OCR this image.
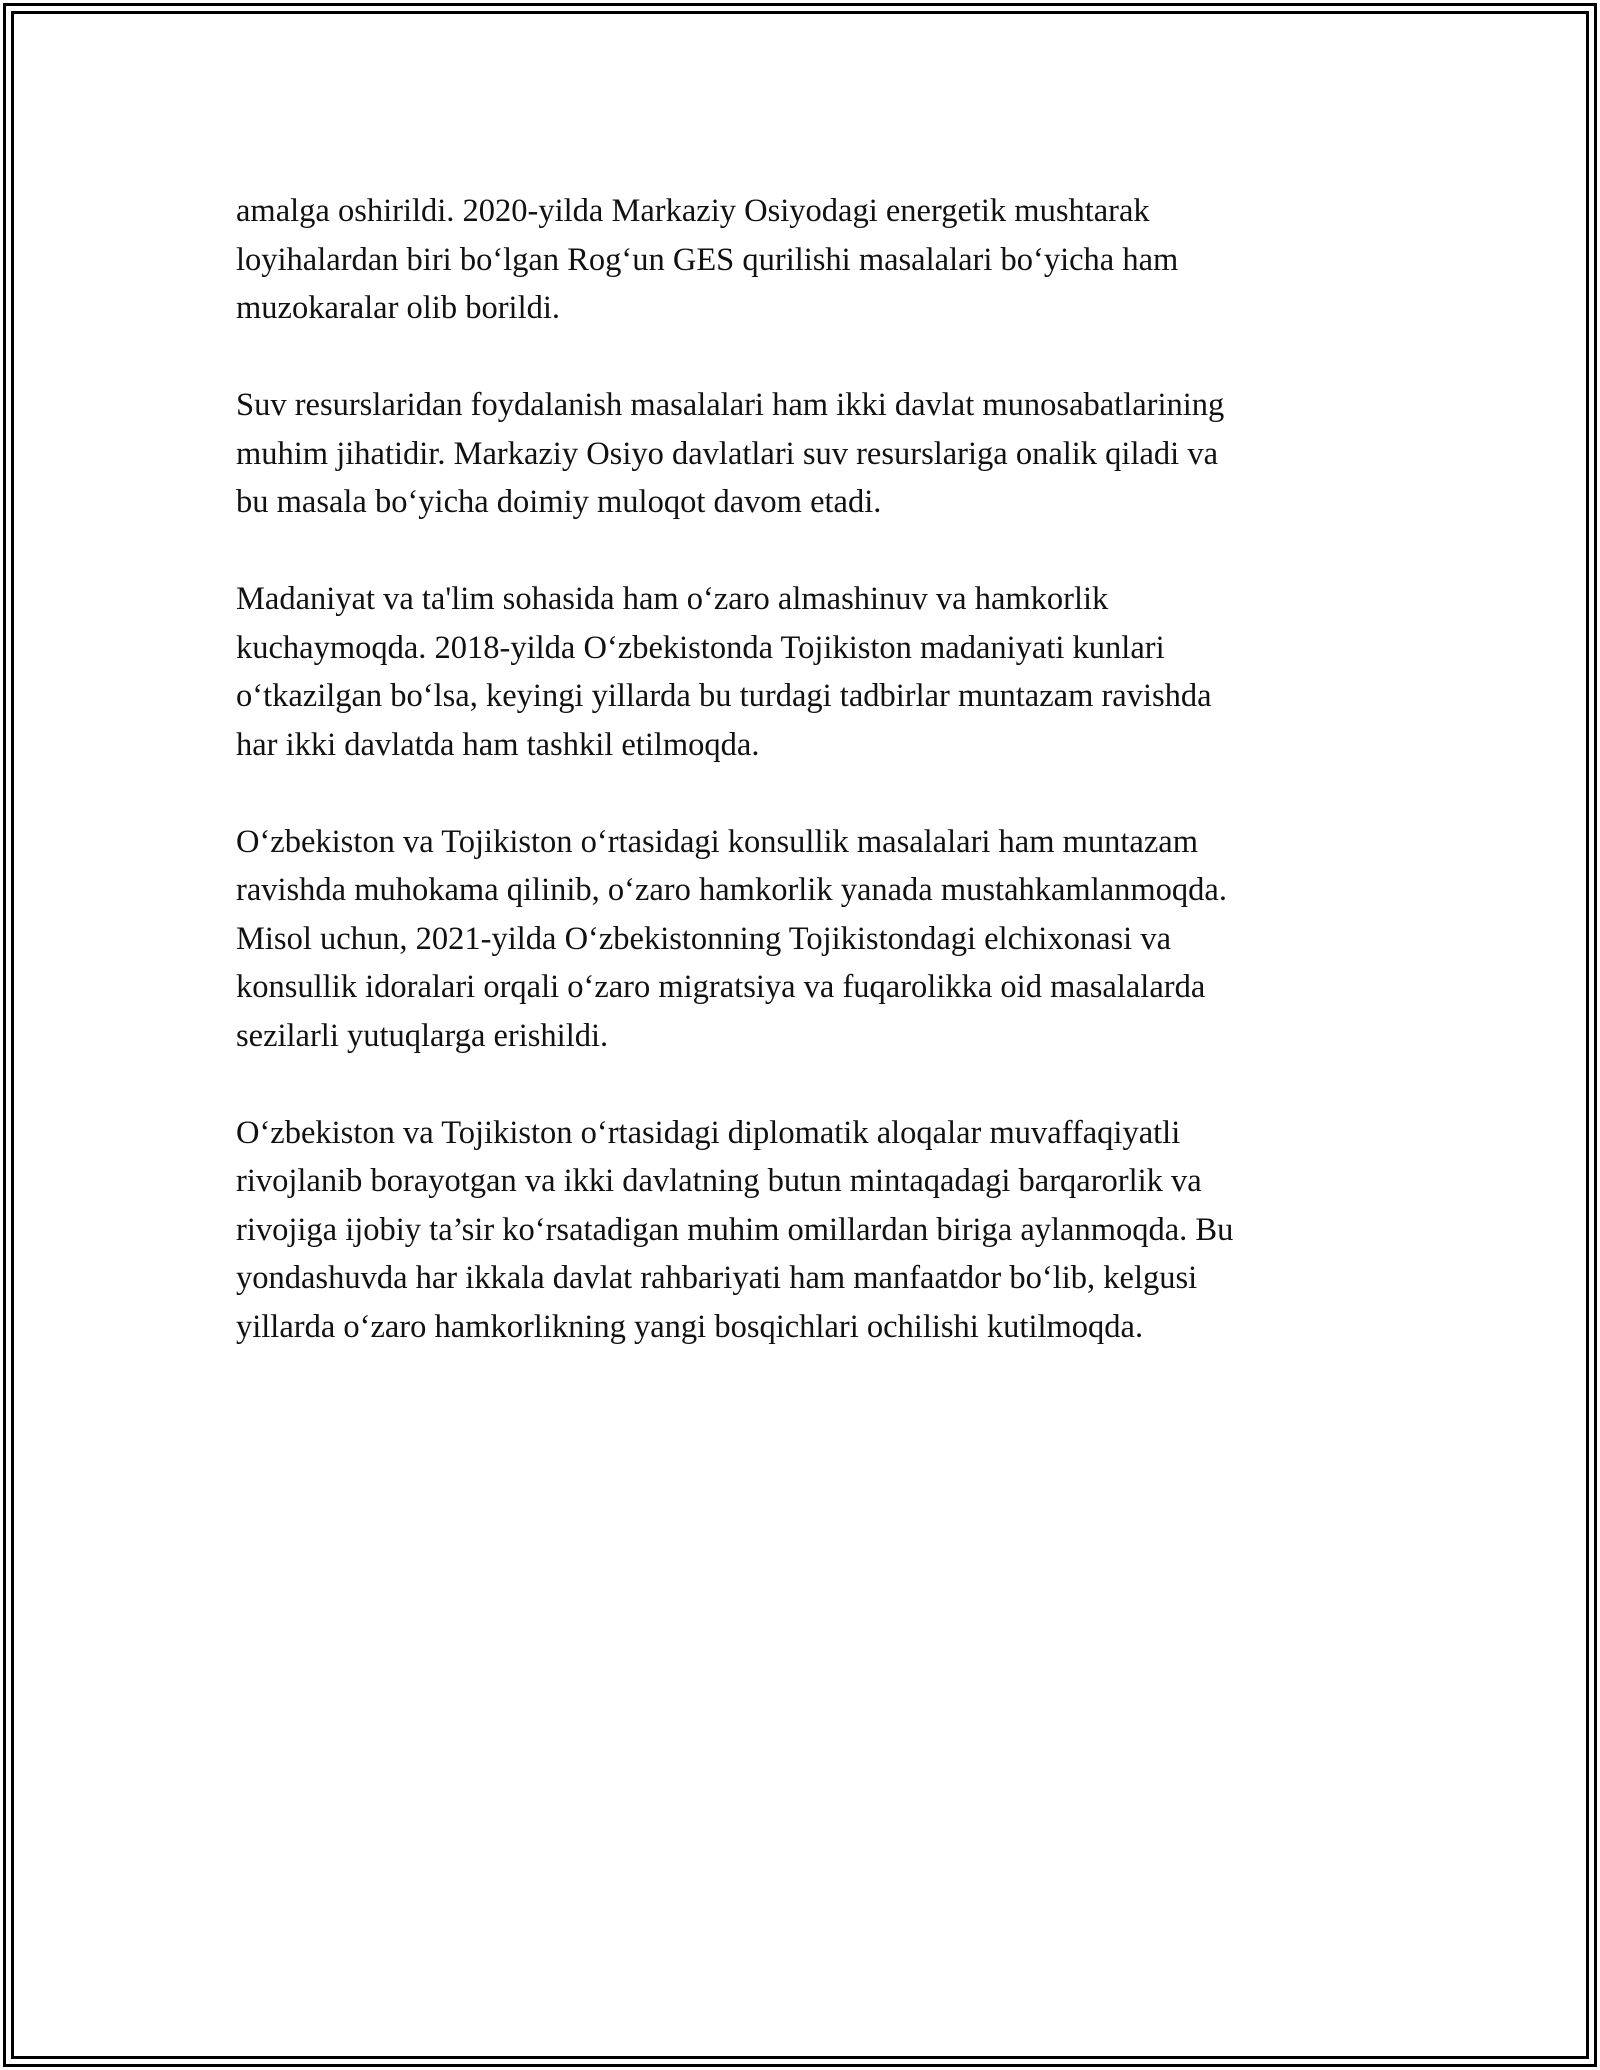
amalga oshirildi. 2020-yilda Markaziy Osiyodagi energetik mushtarak
loyihalardan biri bo‘lgan Rog‘un GES qurilishi masalalari bo‘yicha ham
muzokaralar olib borildi.

Suv resurslaridan foydalanish masalalari ham ikki davlat munosabatlarining
muhim jihatidir. Markaziy Osiyo davlatlari suv resurslariga onalik qiladi va
bu masala bo‘yicha doimiy muloqot davom etadi.

Madaniyat va ta'lim sohasida ham o‘zaro almashinuv va hamkorlik
kuchaymoqda. 2018-yilda O‘zbekistonda Tojikiston madaniyati kunlari
o‘tkazilgan bo‘lsa, keyingi yillarda bu turdagi tadbirlar muntazam ravishda
har ikki davlatda ham tashkil etilmoqda.

O‘zbekiston va Tojikiston o‘rtasidagi konsullik masalalari ham muntazam
ravishda muhokama qilinib, o‘zaro hamkorlik yanada mustahkamlanmoqda.
Misol uchun, 2021-yilda O‘zbekistonning Tojikistondagi elchixonasi va
konsullik idoralari orqali o‘zaro migratsiya va fuqarolikka oid masalalarda
sezilarli yutuqlarga erishildi.

O‘zbekiston va Tojikiston o‘rtasidagi diplomatik aloqalar muvaffaqiyatli
rivojlanib borayotgan va ikki davlatning butun mintaqadagi barqarorlik va
rivojiga ijobiy ta’sir ko‘rsatadigan muhim omillardan biriga aylanmoqda. Bu
yondashuvda har ikkala davlat rahbariyati ham manfaatdor bo‘lib, kelgusi
yillarda o‘zaro hamkorlikning yangi bosqichlari ochilishi kutilmoqda.
